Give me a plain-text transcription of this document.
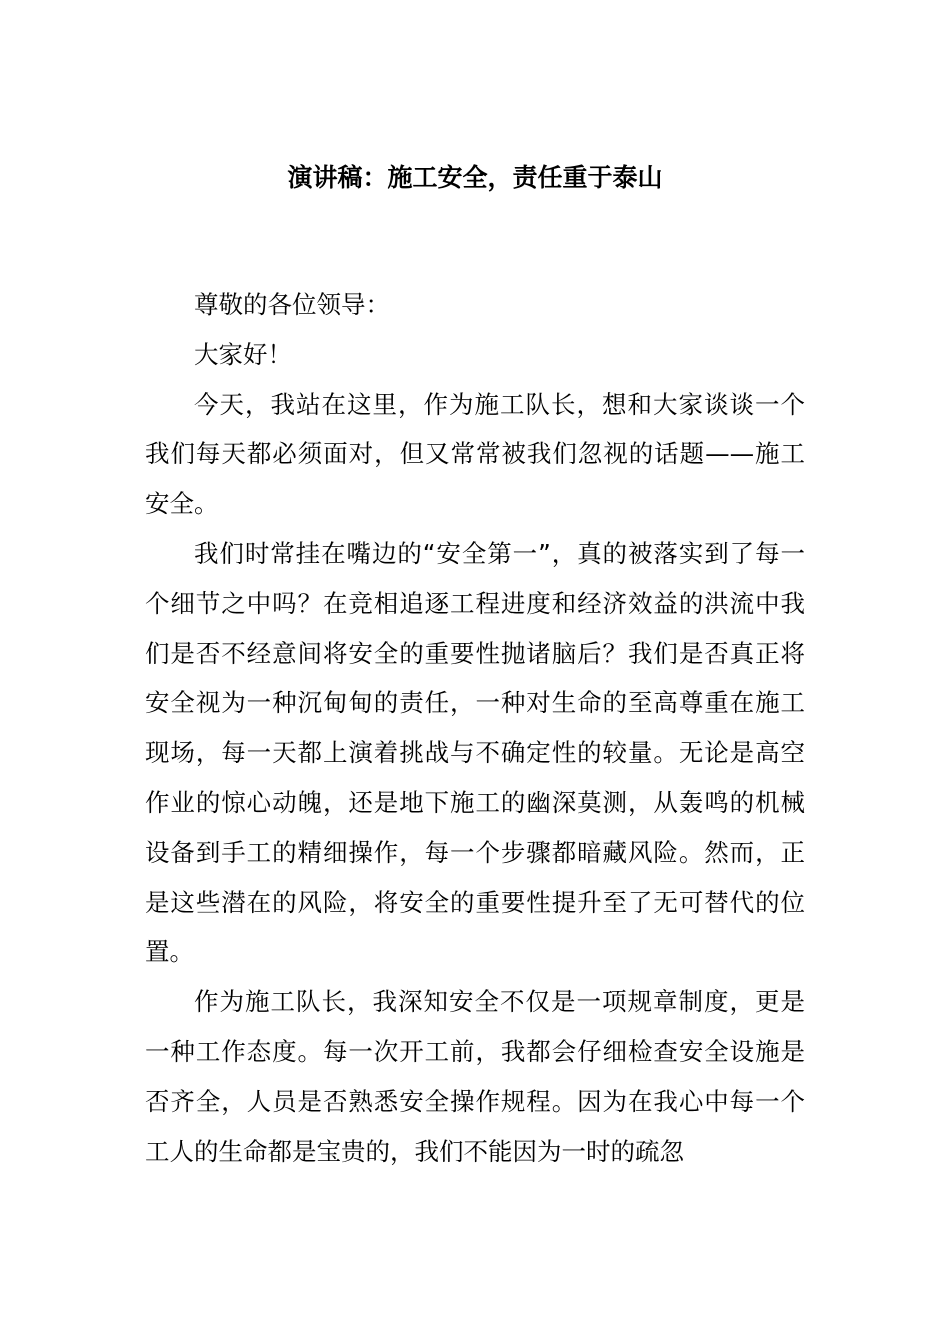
演讲稿：施工安全，责任重于泰山

尊敬的各位领导：

大家好！

今天，我站在这里，作为施工队长，想和大家谈谈一个我们每天都必须面对，但又常常被我们忽视的话题——施工安全。

我们时常挂在嘴边的“安全第一”，真的被落实到了每一个细节之中吗？在竞相追逐工程进度和经济效益的洪流中我们是否不经意间将安全的重要性抛诸脑后？我们是否真正将安全视为一种沉甸甸的责任，一种对生命的至高尊重在施工现场，每一天都上演着挑战与不确定性的较量。无论是高空作业的惊心动魄，还是地下施工的幽深莫测，从轰鸣的机械设备到手工的精细操作，每一个步骤都暗藏风险。然而，正是这些潜在的风险，将安全的重要性提升至了无可替代的位置。

作为施工队长，我深知安全不仅是一项规章制度，更是一种工作态度。每一次开工前，我都会仔细检查安全设施是否齐全，人员是否熟悉安全操作规程。因为在我心中每一个工人的生命都是宝贵的，我们不能因为一时的疏忽
